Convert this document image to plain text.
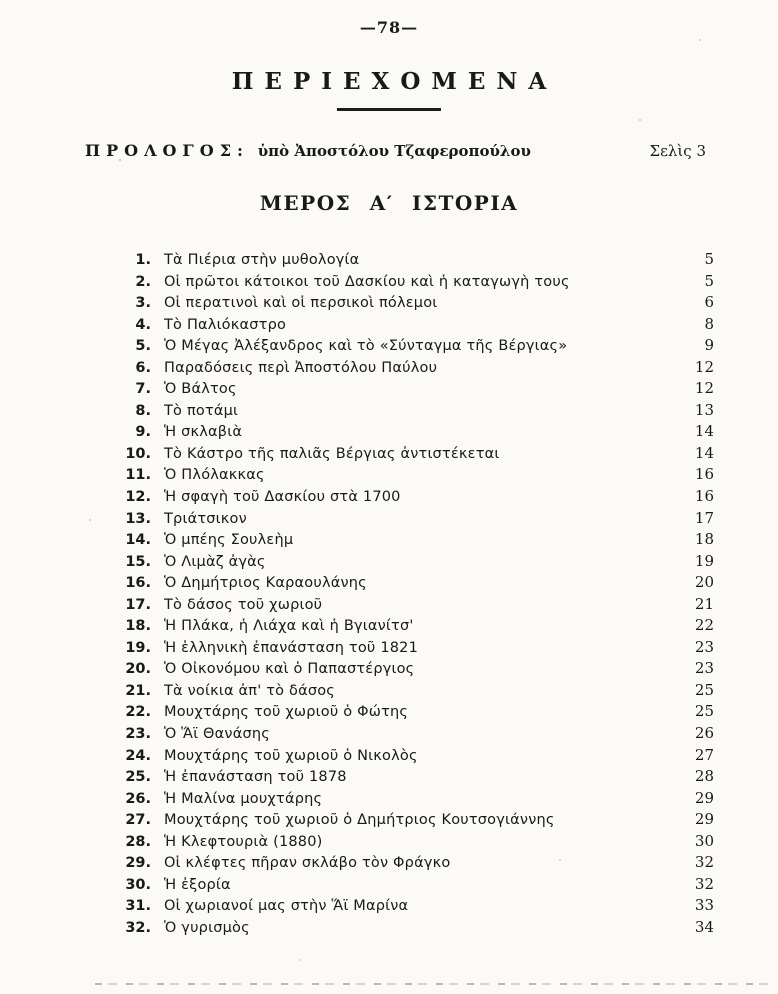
—78—
ΠΕΡΙΕΧΟΜΕΝΑ
ΠΡΟΛΟΓΟΣ: ὑπὸ Ἀποστόλου Τζαφεροπούλου	Σελὶς 3
ΜΕΡΟΣ Α′ ΙΣΤΟΡΙΑ
1. Τὰ Πιέρια στὴν μυθολογία	5
2. Οἱ πρῶτοι κάτοικοι τοῦ Δασκίου καὶ ἡ καταγωγὴ τους	5
3. Οἱ περατινοὶ καὶ οἱ περσικοὶ πόλεμοι	6
4. Τὸ Παλιόκαστρο	8
5. Ὁ Μέγας Ἀλέξανδρος καὶ τὸ «Σύνταγμα τῆς Βέργιας»	9
6. Παραδόσεις περὶ Ἀποστόλου Παύλου	12
7. Ὁ Βάλτος	12
8. Τὸ ποτάμι	13
9. Ἡ σκλαβιὰ	14
10. Τὸ Κάστρο τῆς παλιᾶς Βέργιας ἀντιστέκεται	14
11. Ὁ Πλόλακκας	16
12. Ἡ σφαγὴ τοῦ Δασκίου στὰ 1700	16
13. Τριάτσικον	17
14. Ὁ μπέης Σουλεὴμ	18
15. Ὁ Λιμὰζ ἀγὰς	19
16. Ὁ Δημήτριος Καραουλάνης	20
17. Τὸ δάσος τοῦ χωριοῦ	21
18. Ἡ Πλάκα, ἡ Λιάχα καὶ ἡ Βγιανίτσ'	22
19. Ἡ ἑλληνικὴ ἐπανάσταση τοῦ 1821	23
20. Ὁ Οἰκονόμου καὶ ὁ Παπαστέργιος	23
21. Τὰ νοίκια ἀπ' τὸ δάσος	25
22. Μουχτάρης τοῦ χωριοῦ ὁ Φώτης	25
23. Ὁ Ἅϊ Θανάσης	26
24. Μουχτάρης τοῦ χωριοῦ ὁ Νικολὸς	27
25. Ἡ ἐπανάσταση τοῦ 1878	28
26. Ἡ Μαλίνα μουχτάρης	29
27. Μουχτάρης τοῦ χωριοῦ ὁ Δημήτριος Κουτσογιάννης	29
28. Ἡ Κλεφτουριὰ (1880)	30
29. Οἱ κλέφτες πῆραν σκλάβο τὸν Φράγκο	32
30. Ἡ ἐξορία	32
31. Οἱ χωριανοί μας στὴν Ἅϊ Μαρίνα	33
32. Ὁ γυρισμὸς	34
